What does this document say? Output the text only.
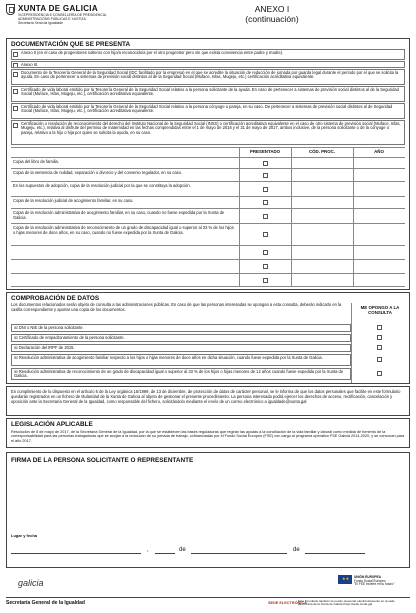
XUNTA DE GALICIA
VICEPRESIDENCIA E CONSELLERÍA DE PRESIDENCIA,
ADMINISTRACIÓNS PÚBLICAS E XUSTIZA
Secretaría Xeral da Igualdade
ANEXO I
(continuación)
DOCUMENTACIÓN QUE SE PRESENTA
Anexo II (en el caso de progenitores solteros con hijo/a reconocido/a por el otro progenitor pero sin que exista convivencia entre padre y madre).
Anexo III.
Documento de la Tesorería General de la Seguridad Social (IDC facilitado por la empresa) en el que se acredite la situación de reducción de jornada por guarda legal durante el período por el que se solicita la ayuda. En caso de pertenecer a sistemas de previsión social distintos al de la Seguridad Social (Muface, Isfas, Mugeju, etc.) certificación acreditativa equivalente.
Certificado de vida laboral emitido por la Tesorería General de la Seguridad Social relativo a la persona solicitante de la ayuda. En caso de pertenecer a sistemas de previsión social distintos al de la Seguridad Social (Muface, Isfas, Mugeju, etc.), certificación acreditativa equivalente.
Certificado de vida laboral emitido por la Tesorería General de la Seguridad Social relativo a la persona cónyuge o pareja, en su caso. De pertenecer a sistemas de previsión social distintos al de Seguridad Social (Muface, Isfas, Mugeju, etc.), certificación acreditativa equivalente.
Certificación o resolución de reconocimiento del derecho del Instituto Nacional de la Seguridad Social (INSS) o certificación acreditativa equivalente en el caso de otro sistema de previsión social (Muface, Isfas, Mugeju, etc.), relativa al disfrute del permiso de maternidad en las fechas comprendidas entre el 1 de mayo de 2016 y el 31 de mayo de 2017, ambos inclusive, de la persona solicitante o de la cónyuge o pareja, relativo a la hijo o hija por quien se solicita la ayuda, en su caso.
PRESENTADO	CÓD. PROC.	AÑO
Copia del libro de familia.
Copia de la sentencia de nulidad, separación o divorcio y del convenio regulador, en su caso.
En los supuestos de adopción, copia de la resolución judicial por la que se constituya la adopción.
Copia de la resolución judicial de acogimiento familiar, en su caso.
Copia de la resolución administrativa de acogimiento familiar, en su caso, cuando no fuese expedida por la Xunta de Galicia.
Copia de la resolución administrativa de reconocimiento de un grado de discapacidad igual o superior al 33 % de los hijos o hijas menores de doce años, en su caso, cuando no fuese expedida por la Xunta de Galicia.
COMPROBACIÓN DE DATOS
Los documentos relacionados serán objeto de consulta a las administraciones públicas. En caso de que las personas interesadas se opongan a esta consulta, deberán indicarlo en la casilla correspondiente y aportar una copia de los documentos.	ME OPONGO A LA CONSULTA
☒ DNI o NIE de la persona solicitante.
☒ Certificado de empadronamiento de la persona solicitante.
☒ Declaración del IRPF de 2015.
☒ Resolución administrativa de acogimiento familiar respecto a los hijos o hijas menores de doce años en dicha situación, cuando fuese expedida por la Xunta de Galicia.
☒ Resolución administrativa de reconocimiento de un grado de discapacidad igual o superior al 33 % de los hijos o hijas menores de 12 años cuando fuese expedida por la Xunta de Galicia.
En cumplimiento de lo dispuesto en el artículo 5 de la Ley orgánica 15/1999, de 13 de diciembre, de protección de datos de carácter personal, se le informa de que los datos personales que facilite en este formulario quedarán registrados en un fichero de titularidad de la Xunta de Galicia al objeto de gestionar el presente procedimiento. La persona interesada podrá ejercer los derechos de acceso, rectificación, cancelación y oposición ante la Secretaría General de la Igualdad, como responsable del fichero, solicitándolo mediante el envío de un correo electrónico a igualdade@xunta.gal
LEGISLACIÓN APLICABLE
Resolución de 5 de mayo de 2017, de la Secretaría General de la Igualdad, por la que se establecen las bases reguladoras que regirán las ayudas a la conciliación de la vida familiar y laboral como medida de fomento de la corresponsabilidad para las personas trabajadoras que se acojan a la reducción de su jornada de trabajo, cofinanciadas por el Fondo Social Europeo (FSE) con cargo al programa operativo FSE Galicia 2014-2020, y se convocan para el año 2017.
FIRMA DE LA PERSONA SOLICITANTE O REPRESENTANTE
Lugar y fecha
,	de	de
galicia	★★ UNIÓN EUROPEA
Fondo Social Europeo
"El FSE invierte en tu futuro"
Secretaría General de la Igualdad	SEDE ELECTRÓNICA
Este formulario también se puede presentar electrónicamente en la sede electrónica de la Xunta de Galicia https://sede.xunta.gal
